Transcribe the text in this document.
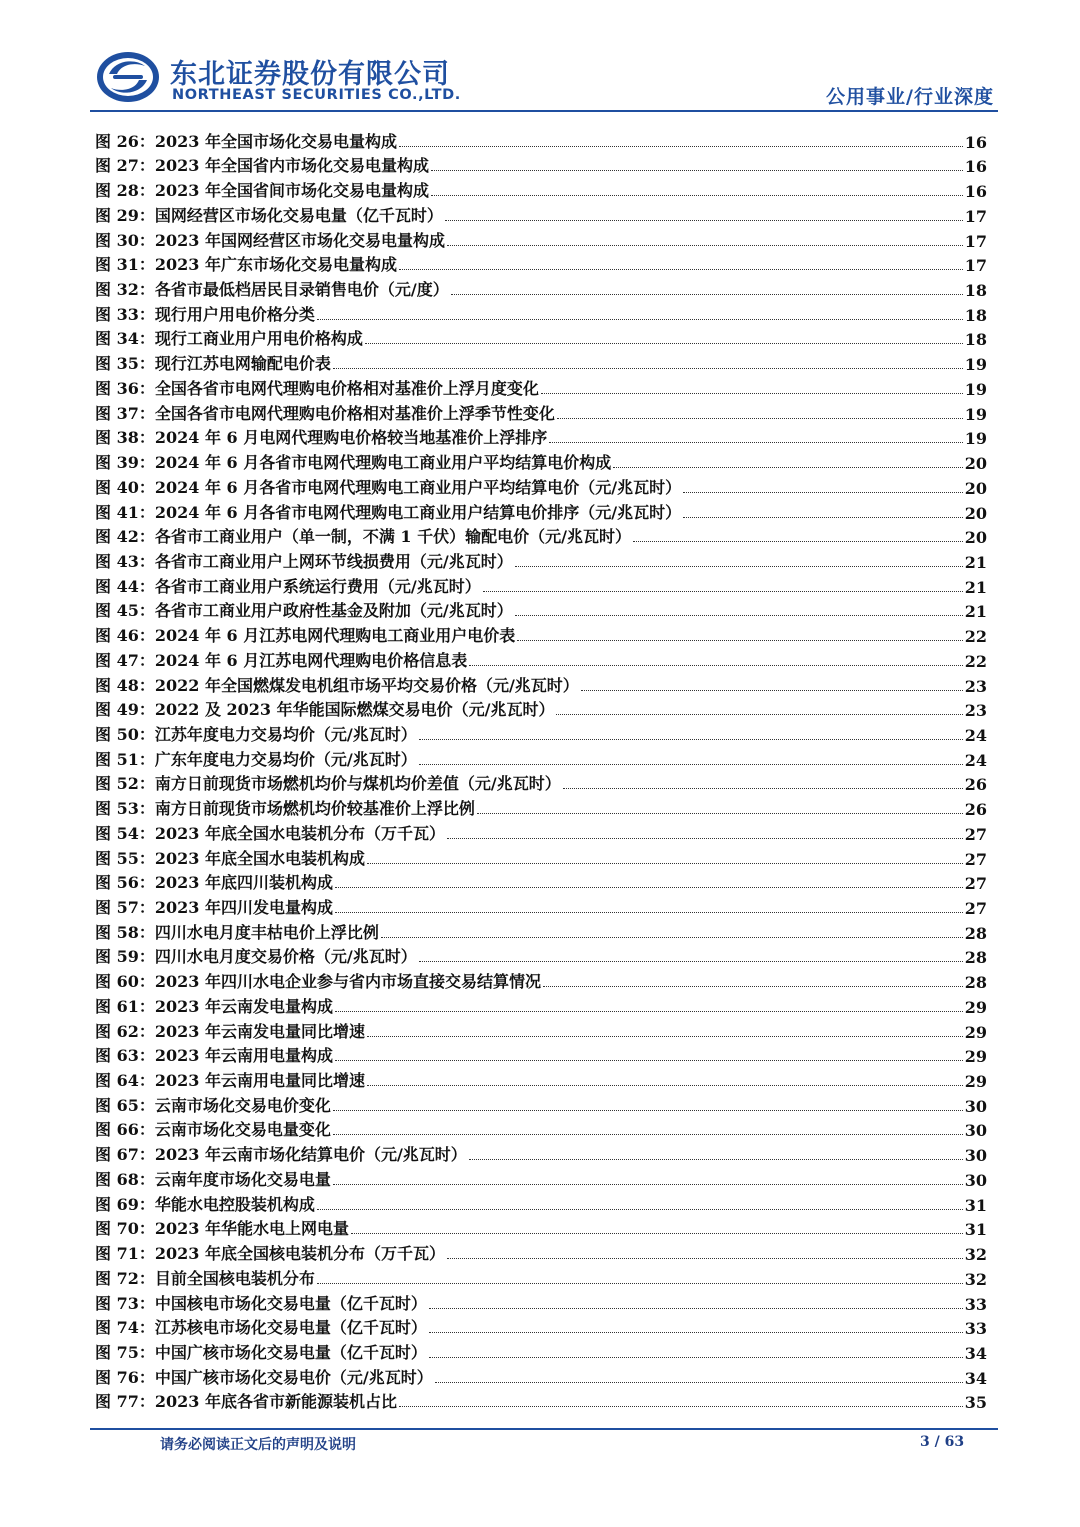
东北证券股份有限公司
NORTHEAST SECURITIES CO.,LTD.	公用事业/行业深度
图 26： 2023 年全国市场化交易电量构成	16
图 27： 2023 年全国省内市场化交易电量构成	16
图 28： 2023 年全国省间市场化交易电量构成	16
图 29： 国网经营区市场化交易电量（亿千瓦时）	17
图 30： 2023 年国网经营区市场化交易电量构成	17
图 31： 2023 年广东市场化交易电量构成	17
图 32： 各省市最低档居民目录销售电价（元/度）	18
图 33： 现行用户用电价格分类	18
图 34： 现行工商业用户用电价格构成	18
图 35： 现行江苏电网输配电价表	19
图 36： 全国各省市电网代理购电价格相对基准价上浮月度变化	19
图 37： 全国各省市电网代理购电价格相对基准价上浮季节性变化	19
图 38： 2024 年 6 月电网代理购电价格较当地基准价上浮排序	19
图 39： 2024 年 6 月各省市电网代理购电工商业用户平均结算电价构成	20
图 40： 2024 年 6 月各省市电网代理购电工商业用户平均结算电价（元/兆瓦时）	20
图 41： 2024 年 6 月各省市电网代理购电工商业用户结算电价排序（元/兆瓦时）	20
图 42： 各省市工商业用户（单一制，不满 1 千伏）输配电价（元/兆瓦时）	20
图 43： 各省市工商业用户上网环节线损费用（元/兆瓦时）	21
图 44： 各省市工商业用户系统运行费用（元/兆瓦时）	21
图 45： 各省市工商业用户政府性基金及附加（元/兆瓦时）	21
图 46： 2024 年 6 月江苏电网代理购电工商业用户电价表	22
图 47： 2024 年 6 月江苏电网代理购电价格信息表	22
图 48： 2022 年全国燃煤发电机组市场平均交易价格（元/兆瓦时）	23
图 49： 2022 及 2023 年华能国际燃煤交易电价（元/兆瓦时）	23
图 50： 江苏年度电力交易均价（元/兆瓦时）	24
图 51： 广东年度电力交易均价（元/兆瓦时）	24
图 52： 南方日前现货市场燃机均价与煤机均价差值（元/兆瓦时）	26
图 53： 南方日前现货市场燃机均价较基准价上浮比例	26
图 54： 2023 年底全国水电装机分布（万千瓦）	27
图 55： 2023 年底全国水电装机构成	27
图 56： 2023 年底四川装机构成	27
图 57： 2023 年四川发电量构成	27
图 58： 四川水电月度丰枯电价上浮比例	28
图 59： 四川水电月度交易价格（元/兆瓦时）	28
图 60： 2023 年四川水电企业参与省内市场直接交易结算情况	28
图 61： 2023 年云南发电量构成	29
图 62： 2023 年云南发电量同比增速	29
图 63： 2023 年云南用电量构成	29
图 64： 2023 年云南用电量同比增速	29
图 65： 云南市场化交易电价变化	30
图 66： 云南市场化交易电量变化	30
图 67： 2023 年云南市场化结算电价（元/兆瓦时）	30
图 68： 云南年度市场化交易电量	30
图 69： 华能水电控股装机构成	31
图 70： 2023 年华能水电上网电量	31
图 71： 2023 年底全国核电装机分布（万千瓦）	32
图 72： 目前全国核电装机分布	32
图 73： 中国核电市场化交易电量（亿千瓦时）	33
图 74： 江苏核电市场化交易电量（亿千瓦时）	33
图 75： 中国广核市场化交易电量（亿千瓦时）	34
图 76： 中国广核市场化交易电价（元/兆瓦时）	34
图 77： 2023 年底各省市新能源装机占比	35
请务必阅读正文后的声明及说明	3 / 63
